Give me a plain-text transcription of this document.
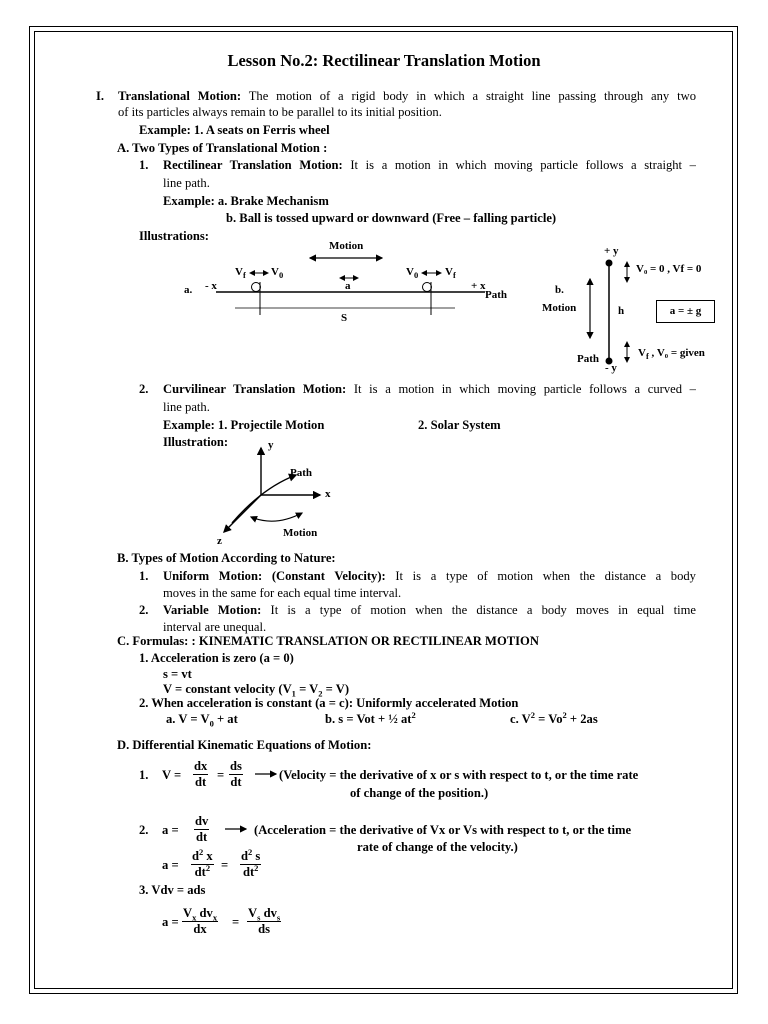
Lesson No.2: Rectilinear Translation Motion
I. Translational Motion: The motion of a rigid body in which a straight line passing through any two
of its particles always remain to be parallel to its initial position.
Example: 1. A seats on Ferris wheel
A. Two Types of Translational Motion :
1. Rectilinear Translation Motion: It is a motion in which moving particle follows a straight –
line path.
Example: a. Brake Mechanism
b. Ball is tossed upward or downward (Free – falling particle)
Illustrations:
Motion
$V_f$ $V_0$	$V_0$ $V_f$
a. - x	a	+ x
Path
S
+ y
V₀ = 0 , Vf = 0
b.
Motion	h	a = ± g
$V_f$ , V₀ = given
Path
- y
2. Curvilinear Translation Motion: It is a motion in which moving particle follows a curved –
line path.
Example: 1. Projectile Motion	2. Solar System
Illustration:	y
Path
x
Motion
z
B. Types of Motion According to Nature:
1. Uniform Motion: (Constant Velocity): It is a type of motion when the distance a body
moves in the same for each equal time interval.
2. Variable Motion: It is a type of motion when the distance a body moves in equal time
interval are unequal.
C. Formulas: : KINEMATIC TRANSLATION OR RECTILINEAR MOTION
1. Acceleration is zero (a = 0)
s = vt
V = constant velocity $(V_1 = V_2 = V)$
2. When acceleration is constant (a = c): Uniformly accelerated Motion
a. $V = V_0$ + at	b. s = Vot + ½ $at^2$	c. $V^2 = Vo^2 + 2as$
D. Differential Kinematic Equations of Motion:
1. $V = \frac{dx}{dt} = \frac{ds}{dt}$	(Velocity = the derivative of x or s with respect to t, or the time rate
of change of the position.)
2. $a = \frac{dv}{dt}$	(Acceleration = the derivative of Vx or Vs with respect to t, or the time
rate of change of the velocity.)
$a = \frac{d^2 x}{dt^2} = \frac{d^2 s}{dt^2}$
3. Vdv = ads
a =
$V_x$ $dv_x$
dx	=
$V_s$ $dv_s$
ds
